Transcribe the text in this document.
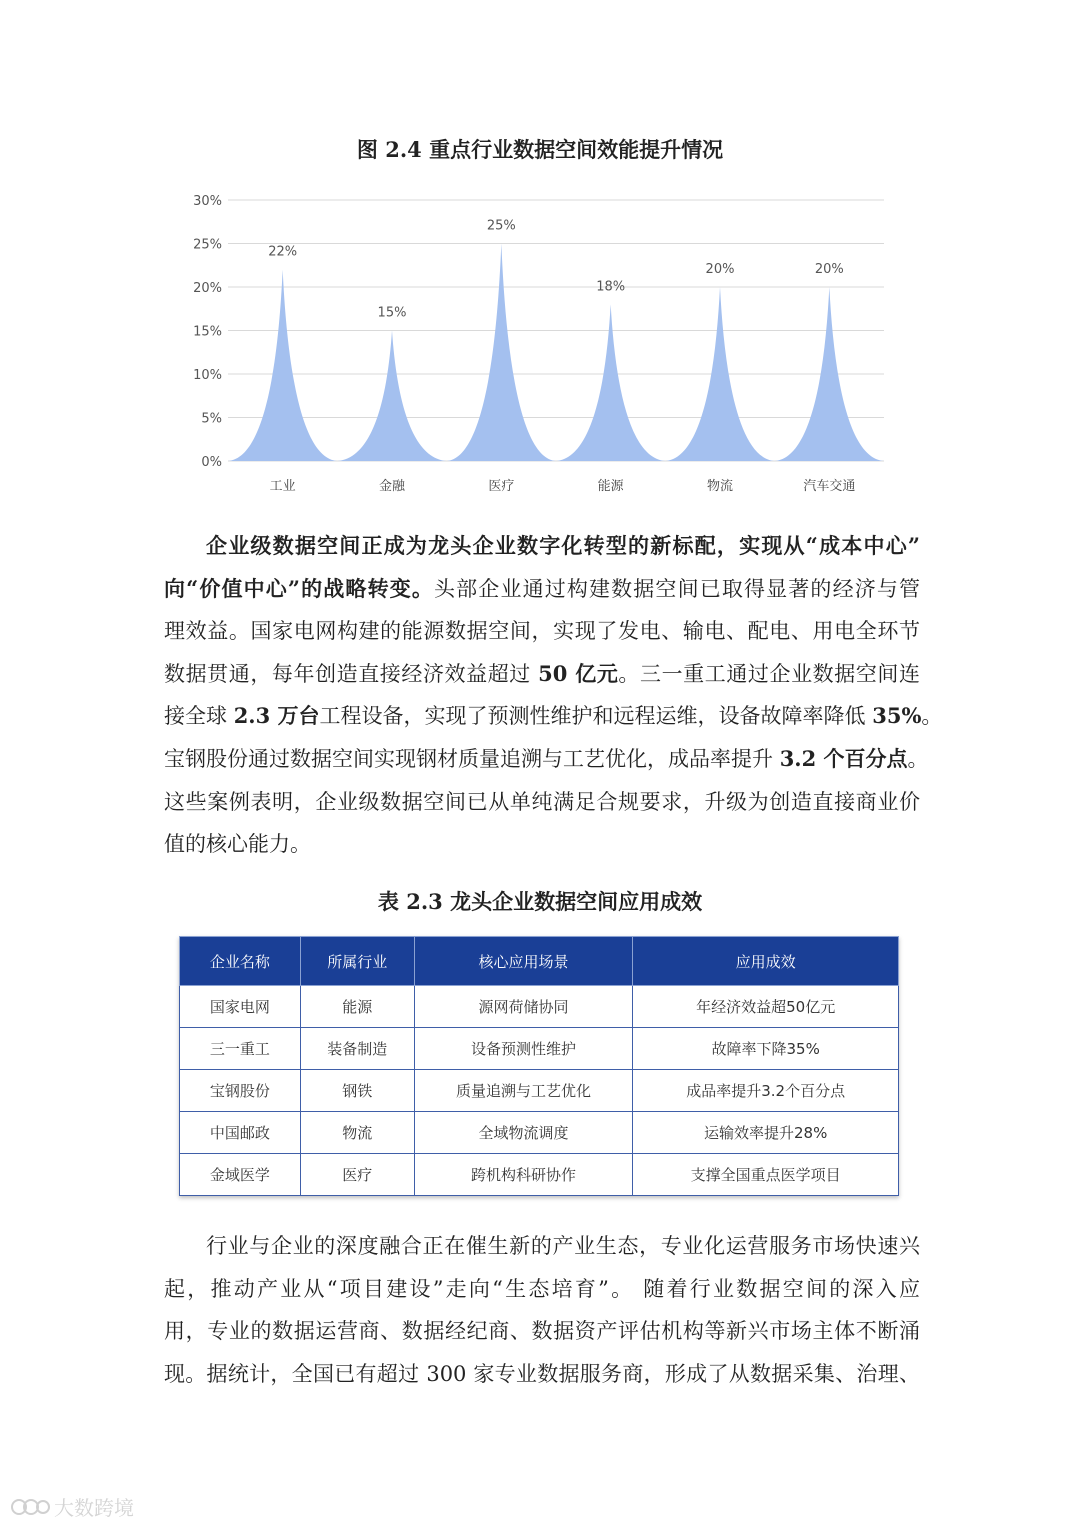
图 2.4 重点行业数据空间效能提升情况
0%
5%
10%
15%
20%
25%
30%
22%
工业
15%
金融
25%
医疗
18%
能源
20%
物流
20%
汽车交通
企业级数据空间正成为龙头企业数字化转型的新标配，实现从“成本中心”
向“价值中心”的战略转变。头部企业通过构建数据空间已取得显著的经济与管
理效益。国家电网构建的能源数据空间，实现了发电、输电、配电、用电全环节
数据贯通，每年创造直接经济效益超过 50 亿元。三一重工通过企业数据空间连
接全球 2.3 万台工程设备，实现了预测性维护和远程运维，设备故障率降低 35%。
宝钢股份通过数据空间实现钢材质量追溯与工艺优化，成品率提升 3.2 个百分点。
这些案例表明，企业级数据空间已从单纯满足合规要求，升级为创造直接商业价
值的核心能力。
表 2.3 龙头企业数据空间应用成效
企业名称	所属行业	核心应用场景	应用成效
国家电网	能源	源网荷储协同	年经济效益超50亿元
三一重工	装备制造	设备预测性维护	故障率下降35%
宝钢股份	钢铁	质量追溯与工艺优化	成品率提升3.2个百分点
中国邮政	物流	全域物流调度	运输效率提升28%
金域医学	医疗	跨机构科研协作	支撑全国重点医学项目
行业与企业的深度融合正在催生新的产业生态，专业化运营服务市场快速兴
起，推动产业从“项目建设”走向“生态培育”。 随着行业数据空间的深入应
用，专业的数据运营商、数据经纪商、数据资产评估机构等新兴市场主体不断涌
现。据统计，全国已有超过 300 家专业数据服务商，形成了从数据采集、治理、
大数跨境
